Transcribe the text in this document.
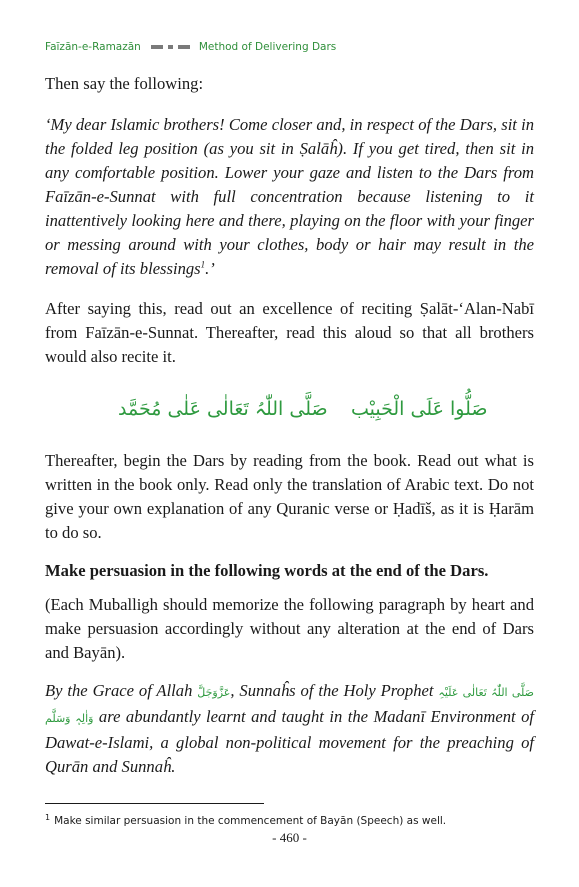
Faīzān-e-Ramazān	Method of Delivering Dars

Then say the following:

‘My dear Islamic brothers! Come closer and, in respect of the Dars, sit in the folded leg position (as you sit in Ṣalāĥ). If you get tired, then sit in any comfortable position. Lower your gaze and listen to the Dars from Faīzān-e-Sunnat with full concentration because listening to it inattentively looking here and there, playing on the floor with your finger or messing around with your clothes, body or hair may result in the removal of its blessings$^1$.’

After saying this, read out an excellence of reciting Ṣalāt-‘Alan-Nabī from Faīzān-e-Sunnat. Thereafter, read this aloud so that all brothers would also recite it.

صَلَّی اللّٰہُ تَعَالٰی عَلٰی مُحَمَّد صَلُّوا عَلَی الْحَبِیْب

Thereafter, begin the Dars by reading from the book. Read out what is written in the book only. Read only the translation of Arabic text. Do not give your own explanation of any Quranic verse or Ḥadīš, as it is Ḥarām to do so.

Make persuasion in the following words at the end of the Dars.

(Each Muballigh should memorize the following paragraph by heart and make persuasion accordingly without any alteration at the end of Dars and Bayān).

By the Grace of Allah عَزَّوَجَلَّ, Sunnaĥs of the Holy Prophet صَلَّی اللّٰہُ تَعَالٰی عَلَیْہِ وَاٰلِہٖ وَسَلَّم are abundantly learnt and taught in the Madanī Environment of Dawat-e-Islami, a global non-political movement for the preaching of Qurān and Sunnaĥ.

$^1$ Make similar persuasion in the commencement of Bayān (Speech) as well.
- 460 -
